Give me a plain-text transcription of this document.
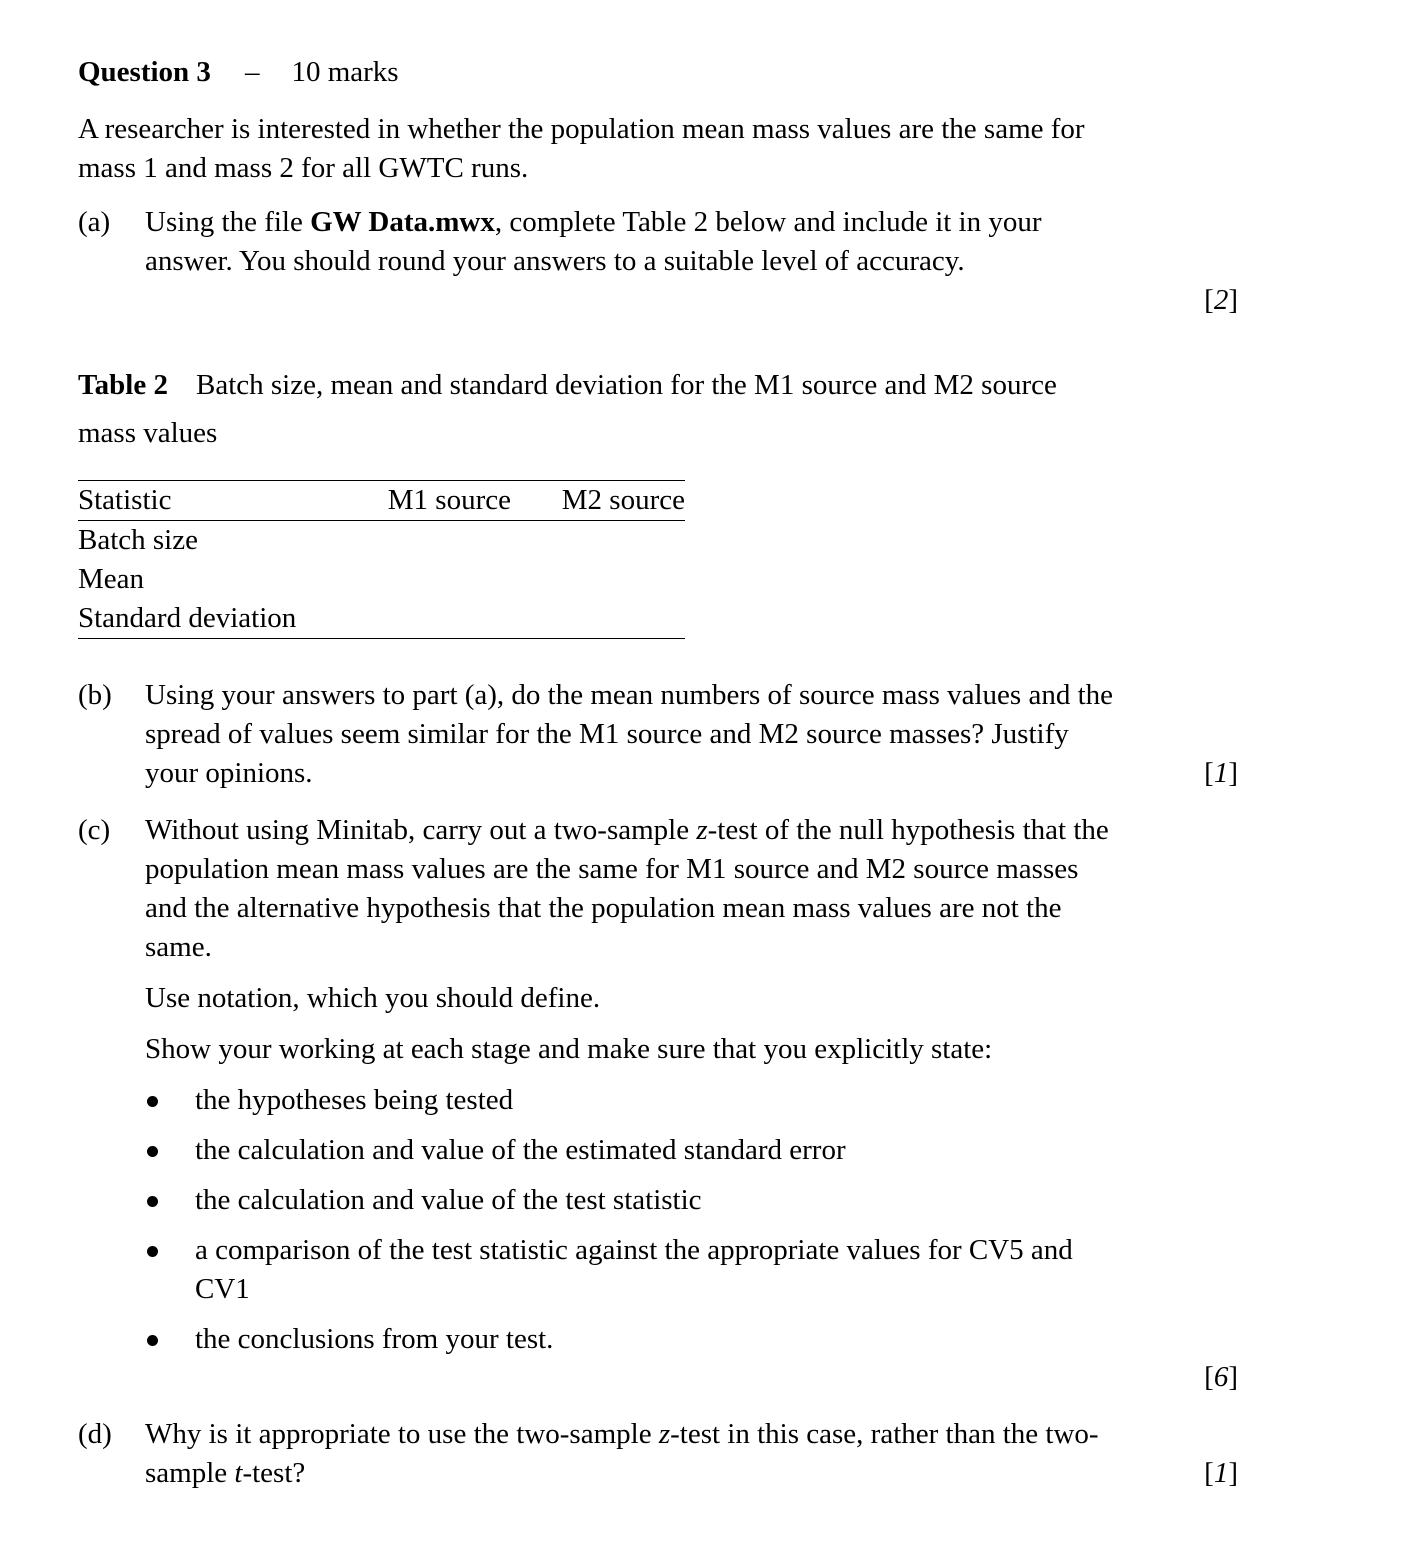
Question 3 – 10 marks
A researcher is interested in whether the population mean mass values are the same for mass 1 and mass 2 for all GWTC runs.
(a) Using the file GW Data.mwx, complete Table 2 below and include it in your answer. You should round your answers to a suitable level of accuracy.
[2]
Table 2 Batch size, mean and standard deviation for the M1 source and M2 source mass values
Statistic	M1 source	M2 source
Batch size		
Mean		
Standard deviation		
(b) Using your answers to part (a), do the mean numbers of source mass values and the spread of values seem similar for the M1 source and M2 source masses? Justify your opinions.	[1]
(c) Without using Minitab, carry out a two-sample z-test of the null hypothesis that the population mean mass values are the same for M1 source and M2 source masses and the alternative hypothesis that the population mean mass values are not the same.

Use notation, which you should define.

Show your working at each stage and make sure that you explicitly state:

the hypotheses being tested
the calculation and value of the estimated standard error
the calculation and value of the test statistic
a comparison of the test statistic against the appropriate values for CV5 and CV1
the conclusions from your test.
[6]
(d) Why is it appropriate to use the two-sample z-test in this case, rather than the two-sample t-test?	[1]
